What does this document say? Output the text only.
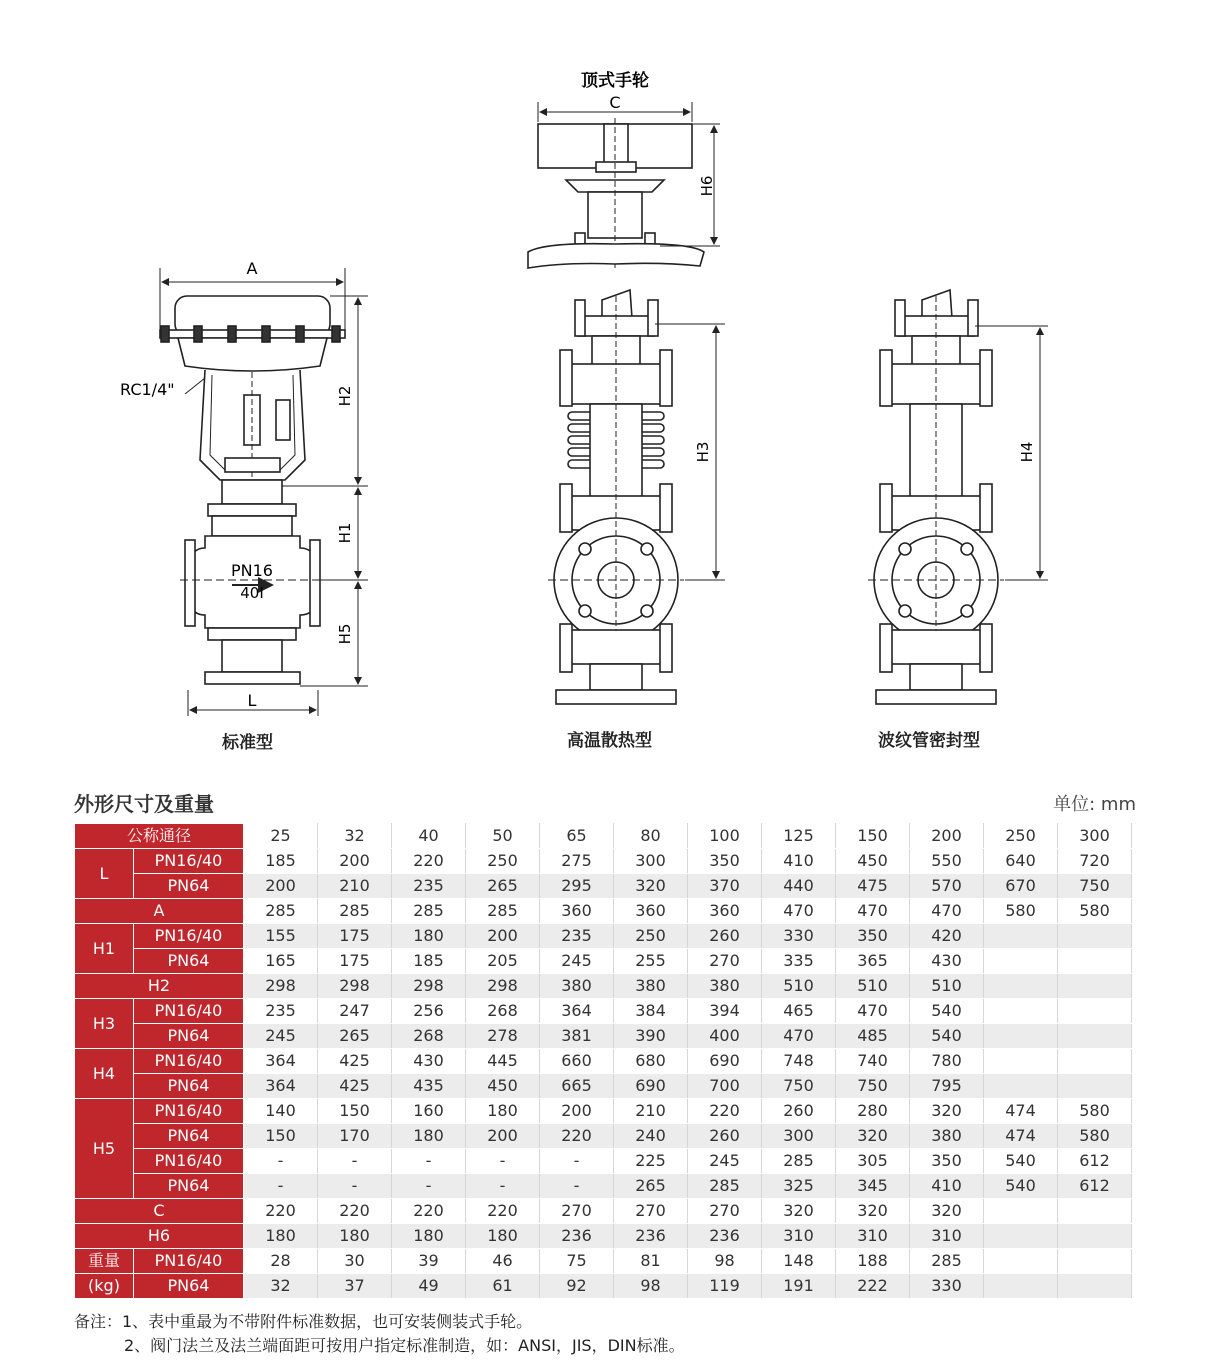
A
RC1/4"
PN16
40I
L
H2
H1
H5
顶式手轮
C
H6
H3	H4
标准型	高温散热型	波纹管密封型
外形尺寸及重量	单位: mm
公称通径		25	32	40	50	65	80	100	125	150	200	250	300
L	PN16/40	185	200	220	250	275	300	350	410	450	550	640	720
	PN64	200	210	235	265	295	320	370	440	475	570	670	750
A		285	285	285	285	360	360	360	470	470	470	580	580
H1	PN16/40	155	175	180	200	235	250	260	330	350	420		
	PN64	165	175	185	205	245	255	270	335	365	430		
H2		298	298	298	298	380	380	380	510	510	510		
H3	PN16/40	235	247	256	268	364	384	394	465	470	540		
	PN64	245	265	268	278	381	390	400	470	485	540		
H4	PN16/40	364	425	430	445	660	680	690	748	740	780		
	PN64	364	425	435	450	665	690	700	750	750	795		
H5	PN16/40	140	150	160	180	200	210	220	260	280	320	474	580
	PN64	150	170	180	200	220	240	260	300	320	380	474	580
	PN16/40	-	-	-	-	-	225	245	285	305	350	540	612
	PN64	-	-	-	-	-	265	285	325	345	410	540	612
C		220	220	220	220	270	270	270	320	320	320		
H6		180	180	180	180	236	236	236	310	310	310		
重量	PN16/40	28	30	39	46	75	81	98	148	188	285		
(kg)	PN64	32	37	49	61	92	98	119	191	222	330		
备注：1、表中重最为不带附件标准数据，也可安装侧装式手轮。
2、阀门法兰及法兰端面距可按用户指定标准制造，如：ANSI，JIS，DIN标准。
